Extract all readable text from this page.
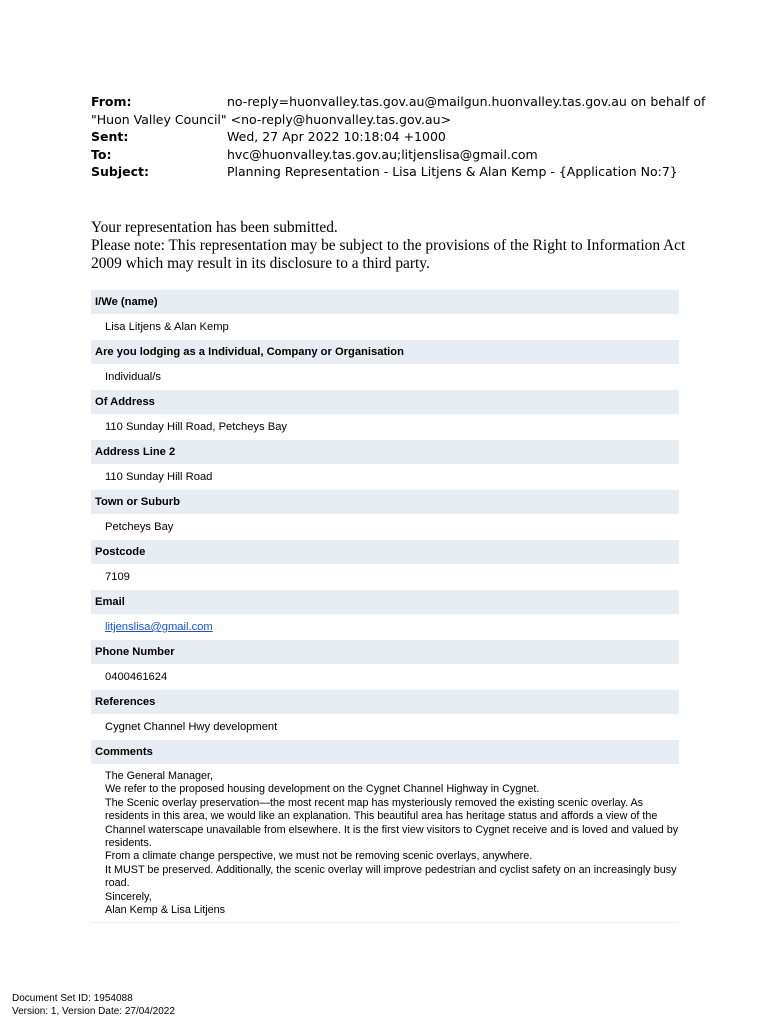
From:	no-reply=huonvalley.tas.gov.au@mailgun.huonvalley.tas.gov.au on behalf of
"Huon Valley Council" <no-reply@huonvalley.tas.gov.au>
Sent:	Wed, 27 Apr 2022 10:18:04 +1000
To:	hvc@huonvalley.tas.gov.au;litjenslisa@gmail.com
Subject:	Planning Representation - Lisa Litjens & Alan Kemp - {Application No:7}

Your representation has been submitted.

Please note: This representation may be subject to the provisions of the Right to Information Act 2009 which may result in its disclosure to a third party.

I/We (name)
Lisa Litjens & Alan Kemp
Are you lodging as a Individual, Company or Organisation
Individual/s
Of Address
110 Sunday Hill Road, Petcheys Bay
Address Line 2
110 Sunday Hill Road
Town or Suburb
Petcheys Bay
Postcode
7109
Email
litjenslisa@gmail.com
Phone Number
0400461624
References
Cygnet Channel Hwy development
Comments
The General Manager,
We refer to the proposed housing development on the Cygnet Channel Highway in Cygnet.
The Scenic overlay preservation—the most recent map has mysteriously removed the existing scenic overlay. As residents in this area, we would like an explanation. This beautiful area has heritage status and affords a view of the Channel waterscape unavailable from elsewhere. It is the first view visitors to Cygnet receive and is loved and valued by residents.
From a climate change perspective, we must not be removing scenic overlays, anywhere.
It MUST be preserved. Additionally, the scenic overlay will improve pedestrian and cyclist safety on an increasingly busy road.
Sincerely,
Alan Kemp & Lisa Litjens
Document Set ID: 1954088
Version: 1, Version Date: 27/04/2022
